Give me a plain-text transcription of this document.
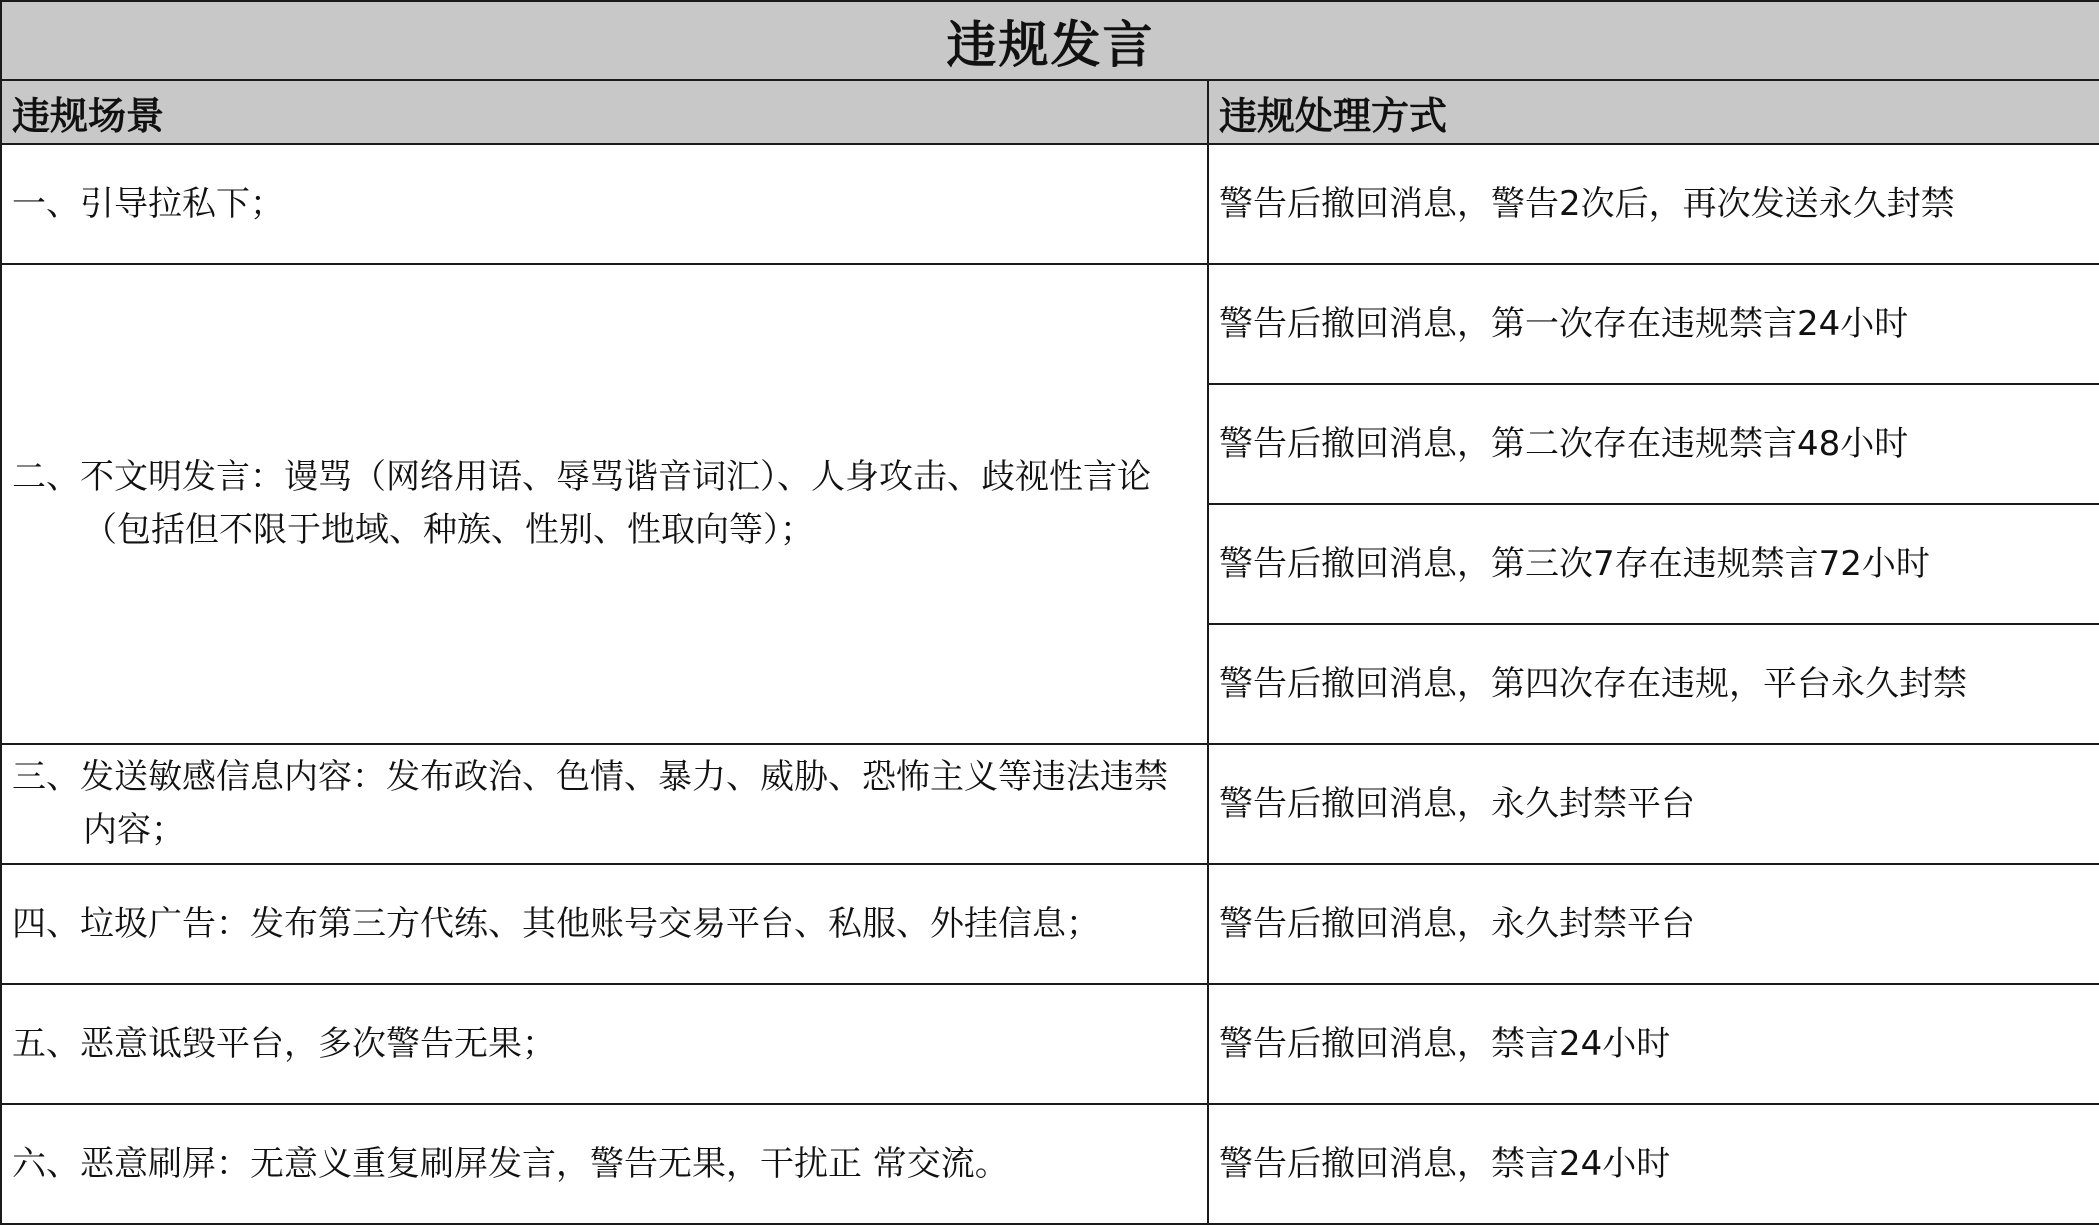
违规发言	
违规场景	违规处理方式

一、引导拉私下；	警告后撤回消息，警告2次后，再次发送永久封禁

二、不文明发言：谩骂（网络用语、辱骂谐音词汇）、人身攻击、歧视性言论（包括但不限于地域、种族、性别、性取向等）；	警告后撤回消息，第一次存在违规禁言24小时
	警告后撤回消息，第二次存在违规禁言48小时
	警告后撤回消息，第三次7存在违规禁言72小时
	警告后撤回消息，第四次存在违规，平台永久封禁

三、发送敏感信息内容：发布政治、色情、暴力、威胁、恐怖主义等违法违禁内容；	警告后撤回消息，永久封禁平台

四、垃圾广告：发布第三方代练、其他账号交易平台、私服、外挂信息；	警告后撤回消息，永久封禁平台

五、恶意诋毁平台，多次警告无果；	警告后撤回消息，禁言24小时

六、恶意刷屏：无意义重复刷屏发言，警告无果，干扰正 常交流。	警告后撤回消息，禁言24小时
